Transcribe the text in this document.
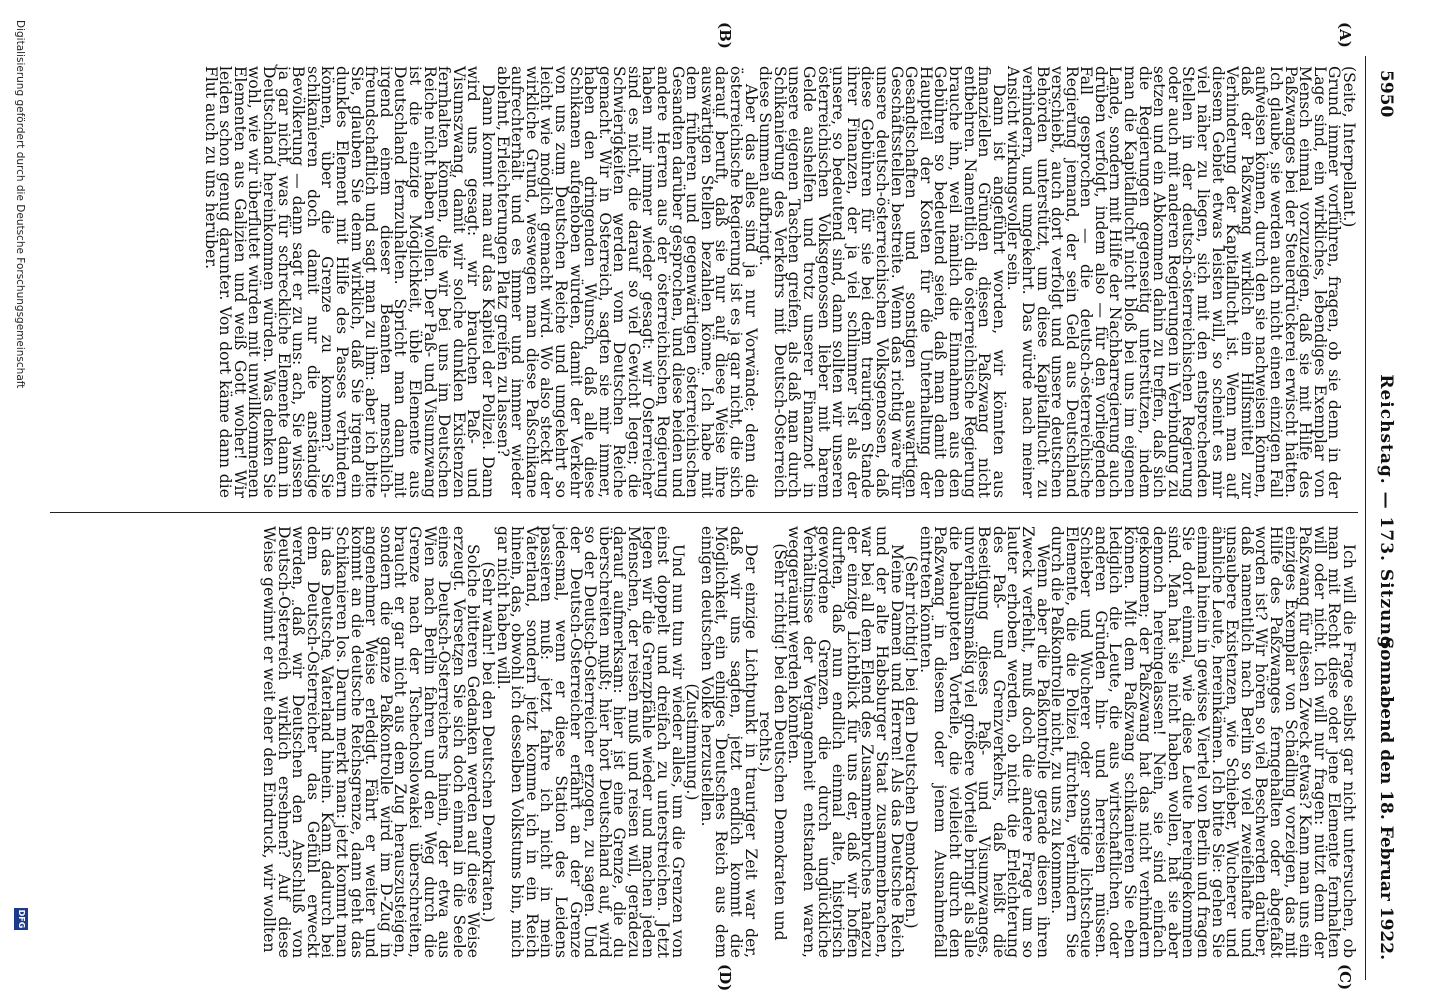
5950
Reichstag. — 173. Sitzung.
Sonnabend den 18. Februar 1922.
(A)
(B)
(C)
(D)

(Seite, Interpellant.)

Grund immer vorführen, fragen, ob sie denn in der Lage sind, ein wirkliches, lebendiges Exemplar von Mensch einmal vorzuzeigen, daß sie mit Hilfe des Paßzwanges bei der Steuerdrückerei erwischt hätten. Ich glaube, sie werden auch nicht einen einzigen Fall aufweisen können, durch den sie nachweisen können, daß der Paßzwang wirklich ein Hilfsmittel zur Verhinderung der Kapitalflucht ist. Wenn man auf diesem Gebiet etwas leisten will, so scheint es mir viel näher zu liegen, sich mit den entsprechenden Stellen in der deutsch-österreichischen Regierung oder auch mit anderen Regierungen in Verbindung zu setzen und ein Abkommen dahin zu treffen, daß sich die Regierungen gegenseitig unterstützen, indem man die Kapitalflucht nicht bloß bei uns im eigenen Lande, sondern mit Hilfe der Nachbarregierung auch drüben verfolgt, indem also — für den vorliegenden Fall gesprochen — die deutsch-österreichische Regierung jemand, der sein Geld aus Deutschland verschiebt, auch dort verfolgt und unsere deutschen Behörden unterstützt, um diese Kapitalflucht zu verhindern, und umgekehrt. Das würde nach meiner Ansicht wirkungsvoller sein.

Dann ist angeführt worden, wir könnten aus finanziellen Gründen diesen Paßzwang nicht entbehren. Namentlich die österreichische Regierung brauche ihn, weil nämlich die Einnahmen aus den Gebühren so bedeutend seien, daß man damit den Hauptteil der Kosten für die Unterhaltung der Gesandtschaften und sonstigen auswärtigen Geschäftsstellen bestreite. Wenn das richtig wäre für unsere deutsch-österreichischen Volksgenossen, daß diese Gebühren für sie bei dem traurigen Stande ihrer Finanzen, der ja viel schlimmer ist als der unsere, so bedeutend sind, dann sollten wir unseren österreichischen Volksgenossen lieber mit barem Gelde aushelfen und trotz unserer Finanznot in unsere eigenen Taschen greifen, als daß man durch Schikanierung des Verkehrs mit Deutsch-Österreich diese Summen aufbringt.

Aber das alles sind ja nur Vorwände; denn die österreichische Regierung ist es ja gar nicht, die sich darauf beruft, daß sie nur auf diese Weise ihre auswärtigen Stellen bezahlen könne. Ich habe mit dem früheren und gegenwärtigen österreichischen Gesandten darüber gesprochen, und diese beiden und andere Herren aus der österreichischen Regierung haben mir immer wieder gesagt: wir Österreicher sind es nicht, die darauf so viel Gewicht legen; die Schwierigkeiten werden vom Deutschen Reiche gemacht. Wir in Österreich, sagten sie mir immer, haben den dringenden Wunsch, daß alle diese Schikanen aufgehoben würden, damit der Verkehr von uns zum Deutschen Reiche und umgekehrt so leicht wie möglich gemacht wird. Wo also steckt der wirkliche Grund, weswegen man diese Paßschikane aufrechterhält und es immer und immer wieder ablehnt, Erleichterungen Platz greifen zu lassen?

Dann kommt man auf das Kapitel der Polizei. Dann wird uns gesagt: wir brauchen Paß- und Visumszwang, damit wir solche dunklen Existenzen fernhalten können, die wir bei uns im Deutschen Reiche nicht haben wollen. Der Paß- und Visumzwang ist die einzige Möglichkeit, üble Elemente aus Deutschland fernzuhalten. Spricht man dann mit irgend einem dieser Beamten menschlich-freundschaftlich und sagt man zu ihm: aber ich bitte Sie, glauben Sie denn wirklich, daß Sie irgend ein dunkles Element mit Hilfe des Passes verhindern können, über die Grenze zu kommen? Sie schikanieren doch damit nur die anständige Bevölkerung — dann sagt er zu uns: ach, Sie wissen ja gar nicht, was für schreckliche Elemente dann in Deutschland hereinkommen würden. Was denken Sie wohl, wie wir überflutet würden mit unwillkommenen Elementen aus Galizien und weiß Gott woher! Wir leiden schon genug darunter. Von dort käme dann die Flut auch zu uns herüber.

Ich will die Frage selbst gar nicht untersuchen, ob man mit Recht diese oder jene Elemente fernhalten will oder nicht. Ich will nur fragen: nützt denn der Paßzwang für diesen Zweck etwas? Kann man uns ein einziges Exemplar von Schädling vorzeigen, das mit Hilfe des Paßzwanges ferngehalten oder abgefaßt worden ist? Wir hören so viel Beschwerden darüber, daß namentlich nach Berlin so viel zweifelhafte und unsaubere Existenzen, wie Schieber, Wucherer und ähnliche Leute, hereinkämen. Ich bitte Sie: gehen Sie einmal hinein in gewisse Viertel von Berlin und fragen Sie dort einmal, wie diese Leute hereingekommen sind. Man hat sie nicht haben wollen, hat sie aber dennoch hereingelassen! Nein, sie sind einfach gekommen; der Paßzwang hat das nicht verhindern können. Mit dem Paßzwang schikanieren Sie eben lediglich die Leute, die aus wirtschaftlichen oder anderen Gründen hin- und herreisen müssen. Schieber und Wucherer oder sonstige lichtscheue Elemente, die die Polizei fürchten, verhindern Sie durch die Paßkontrolle nicht, zu uns zu kommen.

Wenn aber die Paßkontrolle gerade diesen ihren Zweck verfehlt, muß doch die andere Frage um so lauter erhoben werden, ob nicht die Erleichterung des Paß- und Grenzverkehrs, daß heißt die Beseitigung dieses Paß- und Visumzwanges, unverhältnismäßig viel größere Vorteile bringt als alle die behaupteten Vorteile, die vielleicht durch den Paßzwang in diesem oder jenem Ausnahmefall eintreten könnten.

(Sehr richtig! bei den Deutschen Demokraten.)

Meine Damen und Herren! Als das Deutsche Reich und der alte Habsburger Staat zusammenbrachen, war bei all dem Elend des Zusammenbruches nahezu der einzige Lichtblick für uns der, daß wir hoffen durften, daß nun endlich einmal alte, historisch gewordene Grenzen, die durch unglückliche Verhältnisse der Vergangenheit entstanden waren, weggeräumt werden könnten.

(Sehr richtig! bei den Deutschen Demokraten und rechts.)

Der einzige Lichtpunkt in trauriger Zeit war der, daß wir uns sagten, jetzt endlich kommt die Möglichkeit, ein einiges Deutsches Reich aus dem einigen deutschen Volke herzustellen.

(Zustimmung.)

Und nun tun wir wieder alles, um die Grenzen von einst doppelt und dreifach zu unterstreichen. Jetzt legen wir die Grenzpfähle wieder und machen jeden Menschen, der reisen muß und reisen will, geradezu darauf aufmerksam: hier ist eine Grenze, die du überschreiten mußt; hier hört Deutschland auf, wird so der Deutsch-Österreicher erzogen, zu sagen. Und der Deutsch-Österreicher erfährt an der Grenze jedesmal, wenn er diese Station des Leidens passieren muß: jetzt fahre ich nicht in mein Vaterland, sondern jetzt komme ich in ein Reich hinein, das, obwohl ich desselben Volkstums bin, mich gar nicht haben will.

(Sehr wahr! bei den Deutschen Demokraten.)

Solche bitteren Gedanken werden auf diese Weise erzeugt. Versetzen Sie sich doch einmal in die Seele eines Deutsch-Österreichers hinein, der etwa aus Wien nach Berlin fahren und den Weg durch die Grenze nach der Tschechoslowakei überschreiten, braucht er gar nicht aus dem Zug herauszusteigen, sondern die ganze Paßkontrolle wird im D-Zug in angenehmer Weise erledigt. Fährt er weiter und kommt an die deutsche Reichsgrenze, dann geht das Schikanieren los. Darum merkt man: jetzt kommt man in das Deutsche Vaterland hinein. Kann dadurch bei dem Deutsch-Österreicher das Gefühl erweckt werden, daß wir Deutschen den Anschluß von Deutsch-Österreich wirklich ersehnen? Auf diese Weise gewinnt er weit eher den Eindruck, wir wollten

Digitalisierung gefördert durch die Deutsche Forschungsgemeinschaft
DFG
